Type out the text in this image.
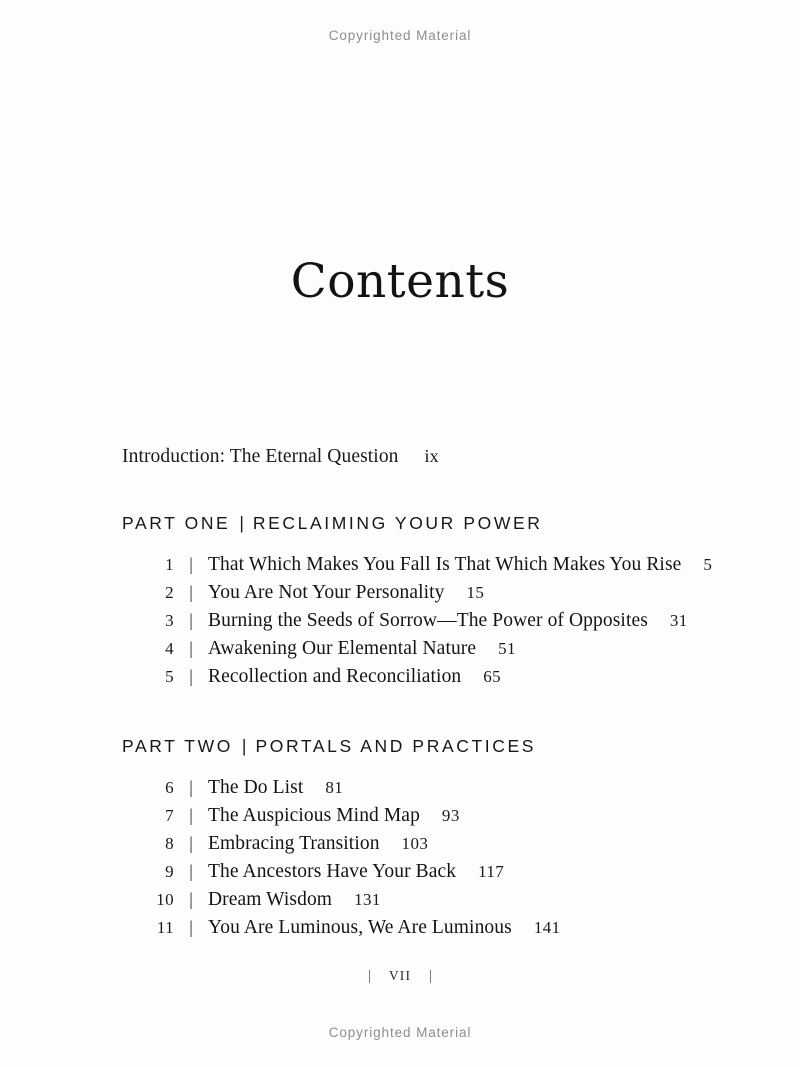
Copyrighted Material
Contents
Introduction: The Eternal Question ix
PART ONE | RECLAIMING YOUR POWER
1 | That Which Makes You Fall Is That Which Makes You Rise 5
2 | You Are Not Your Personality 15
3 | Burning the Seeds of Sorrow—The Power of Opposites 31
4 | Awakening Our Elemental Nature 51
5 | Recollection and Reconciliation 65
PART TWO | PORTALS AND PRACTICES
6 | The Do List 81
7 | The Auspicious Mind Map 93
8 | Embracing Transition 103
9 | The Ancestors Have Your Back 117
10 | Dream Wisdom 131
11 | You Are Luminous, We Are Luminous 141
| VII |
Copyrighted Material
